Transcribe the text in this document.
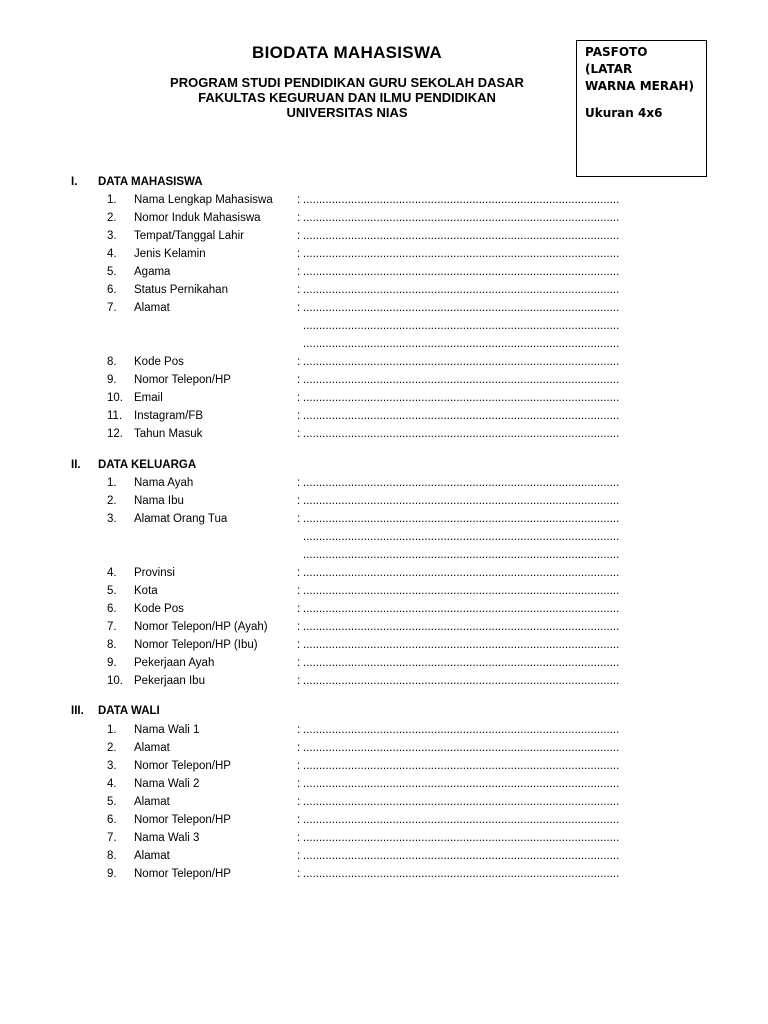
BIODATA MAHASISWA
PROGRAM STUDI PENDIDIKAN GURU SEKOLAH DASAR
FAKULTAS KEGURUAN DAN ILMU PENDIDIKAN
UNIVERSITAS NIAS
PASFOTO (LATAR
WARNA MERAH)
Ukuran 4x6
I. DATA MAHASISWA
1. Nama Lengkap Mahasiswa : ...................................................................................................
2. Nomor Induk Mahasiswa	: ...................................................................................................
3. Tempat/Tanggal Lahir	: ...................................................................................................
4. Jenis Kelamin	: ...................................................................................................
5. Agama	: ...................................................................................................
6. Status Pernikahan	: ...................................................................................................
7. Alamat	: ...................................................................................................
...................................................................................................
...................................................................................................
8. Kode Pos	: ...................................................................................................
9. Nomor Telepon/HP	: ...................................................................................................
10. Email	: ...................................................................................................
11. Instagram/FB	: ...................................................................................................
12. Tahun Masuk	: ...................................................................................................
II. DATA KELUARGA
1. Nama Ayah	: ...................................................................................................
2. Nama Ibu	: ...................................................................................................
3. Alamat Orang Tua	: ...................................................................................................
...................................................................................................
...................................................................................................
4. Provinsi	: ...................................................................................................
5. Kota	: ...................................................................................................
6. Kode Pos	: ...................................................................................................
7. Nomor Telepon/HP (Ayah)	: ...................................................................................................
8. Nomor Telepon/HP (Ibu)	: ...................................................................................................
9. Pekerjaan Ayah	: ...................................................................................................
10. Pekerjaan Ibu	: ...................................................................................................
III. DATA WALI
1. Nama Wali 1	: ...................................................................................................
2. Alamat	: ...................................................................................................
3. Nomor Telepon/HP	: ...................................................................................................
4. Nama Wali 2	: ...................................................................................................
5. Alamat	: ...................................................................................................
6. Nomor Telepon/HP	: ...................................................................................................
7. Nama Wali 3	: ...................................................................................................
8. Alamat	: ...................................................................................................
9. Nomor Telepon/HP	: ...................................................................................................
